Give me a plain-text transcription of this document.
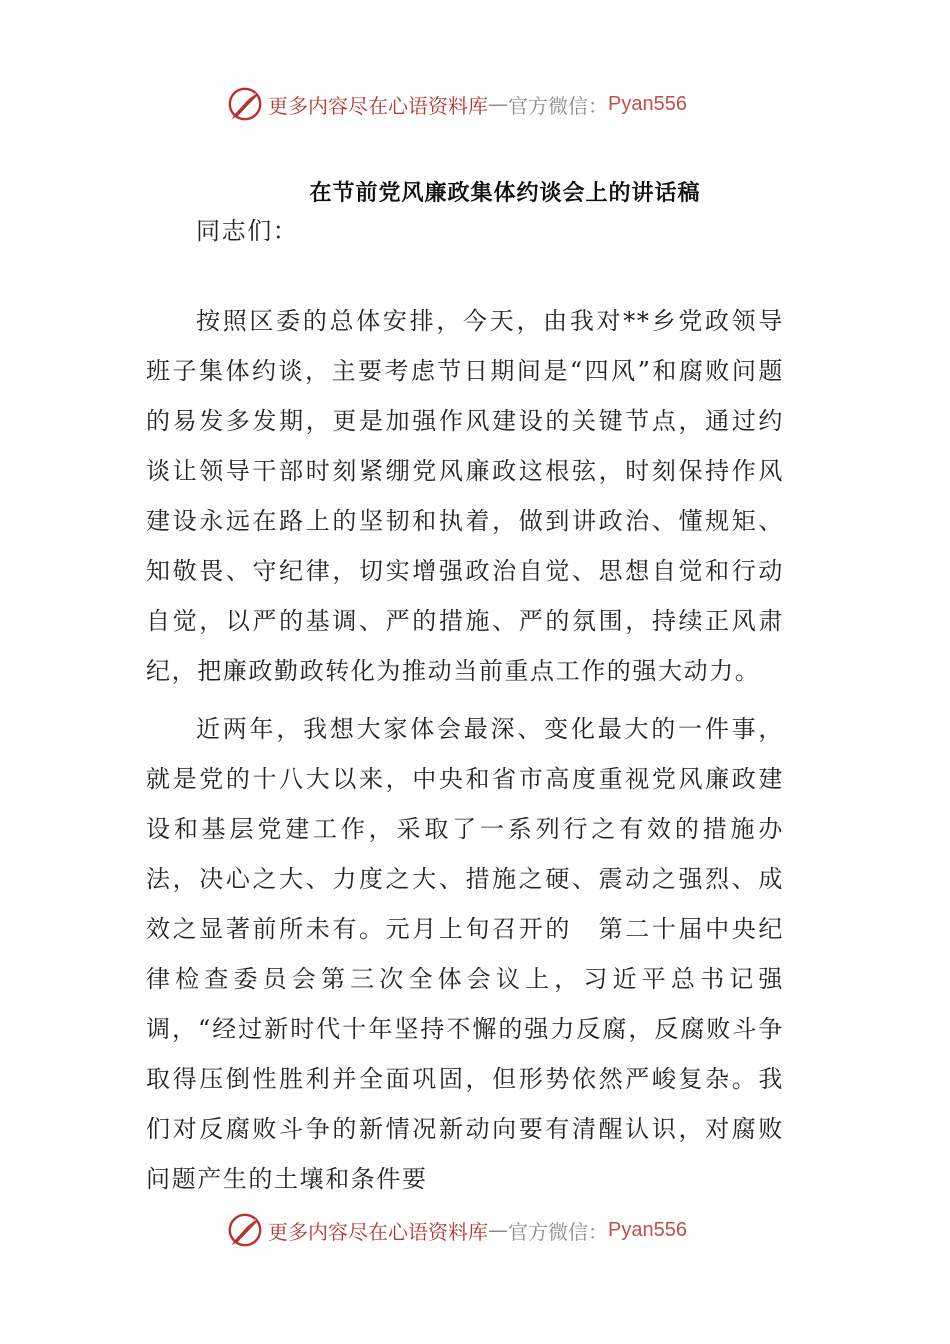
更多内容尽在心语资料库 — 官方微信： Pyan556
在节前党风廉政集体约谈会上的讲话稿
同志们：
按照区委的总体安排，今天，由我对**乡党政领导班子集体约谈，主要考虑节日期间是“四风”和腐败问题的易发多发期，更是加强作风建设的关键节点，通过约谈让领导干部时刻紧绷党风廉政这根弦，时刻保持作风建设永远在路上的坚韧和执着，做到讲政治、懂规矩、知敬畏、守纪律，切实增强政治自觉、思想自觉和行动自觉，以严的基调、严的措施、严的氛围，持续正风肃纪，把廉政勤政转化为推动当前重点工作的强大动力。
近两年，我想大家体会最深、变化最大的一件事，就是党的十八大以来，中央和省市高度重视党风廉政建设和基层党建工作，采取了一系列行之有效的措施办法，决心之大、力度之大、措施之硬、震动之强烈、成效之显著前所未有。元月上旬召开的　第二十届中央纪律检查委员会第三次全体会议上，习近平总书记强调，“经过新时代十年坚持不懈的强力反腐，反腐败斗争取得压倒性胜利并全面巩固，但形势依然严峻复杂。我们对反腐败斗争的新情况新动向要有清醒认识，对腐败问题产生的土壤和条件要
更多内容尽在心语资料库 — 官方微信： Pyan556
